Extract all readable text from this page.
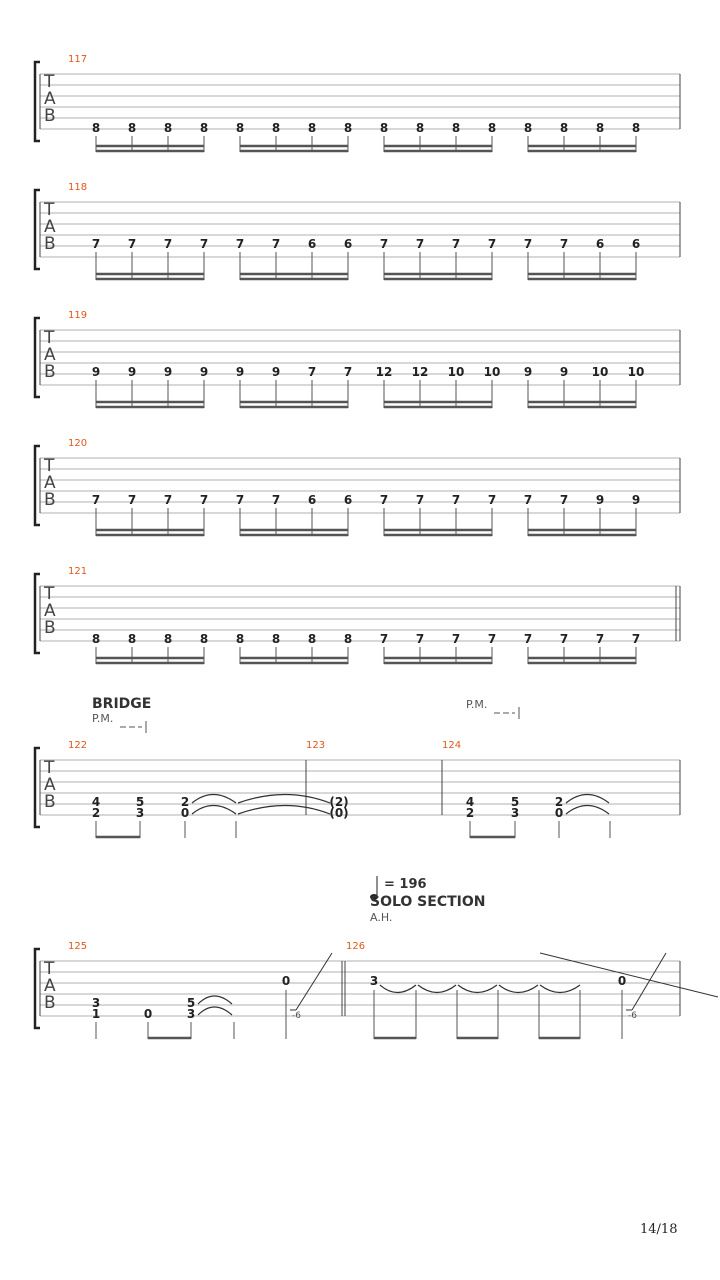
T
A
B
117
8 8 8 8 8 8 8 8 8 8 8 8 8 8 8 8
T
A
B
118
7 7 7 7 7 7 6 6 7 7 7 7 7 7 6 6
T
A
B
119
9 9 9 9 9 9 7 7 12 12 10 10 9 9 10 10
T
A
B
120
7 7 7 7 7 7 6 6 7 7 7 7 7 7 9 9
T
A
B
121
8 8 8 8 8 8 8 8 7 7 7 7 7 7 7 7
BRIDGE
P.M.
P.M.
T
A
B
122	123	124
4
2
5
3
2
0
(2)
(0)
4
2
5
3
2
0
= 196
SOLO SECTION
A.H.
T
A
B
125	126
3
1	0
5
3
0	3	0
-6	-6
14/18
